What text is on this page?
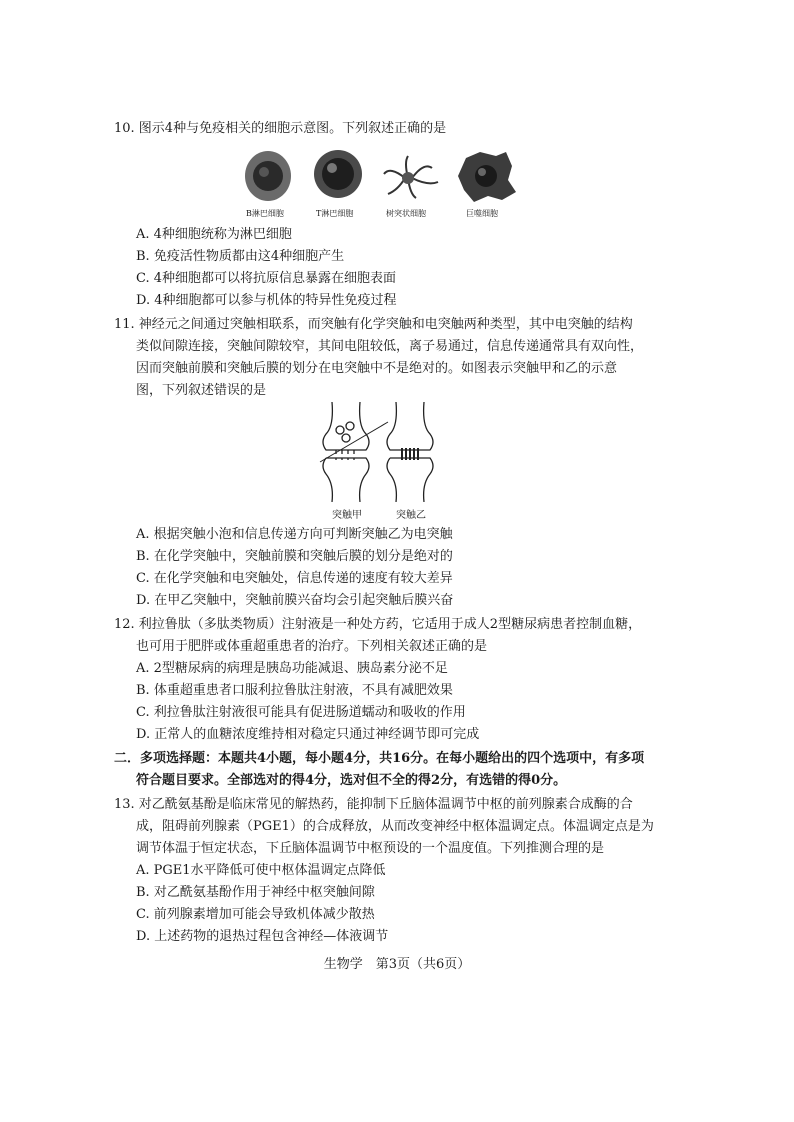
10. 图示4种与免疫相关的细胞示意图。下列叙述正确的是
B淋巴细胞	T淋巴细胞	树突状细胞	巨噬细胞
A. 4种细胞统称为淋巴细胞
B. 免疫活性物质都由这4种细胞产生
C. 4种细胞都可以将抗原信息暴露在细胞表面
D. 4种细胞都可以参与机体的特异性免疫过程
11. 神经元之间通过突触相联系，而突触有化学突触和电突触两种类型，其中电突触的结构
类似间隙连接，突触间隙较窄，其间电阻较低，离子易通过，信息传递通常具有双向性，
因而突触前膜和突触后膜的划分在电突触中不是绝对的。如图表示突触甲和乙的示意
图，下列叙述错误的是
突触甲	突触乙
A. 根据突触小泡和信息传递方向可判断突触乙为电突触
B. 在化学突触中，突触前膜和突触后膜的划分是绝对的
C. 在化学突触和电突触处，信息传递的速度有较大差异
D. 在甲乙突触中，突触前膜兴奋均会引起突触后膜兴奋
12. 利拉鲁肽（多肽类物质）注射液是一种处方药，它适用于成人2型糖尿病患者控制血糖，
也可用于肥胖或体重超重患者的治疗。下列相关叙述正确的是
A. 2型糖尿病的病理是胰岛功能减退、胰岛素分泌不足
B. 体重超重患者口服利拉鲁肽注射液，不具有减肥效果
C. 利拉鲁肽注射液很可能具有促进肠道蠕动和吸收的作用
D. 正常人的血糖浓度维持相对稳定只通过神经调节即可完成
二．多项选择题：本题共4小题，每小题4分，共16分。在每小题给出的四个选项中，有多项
符合题目要求。全部选对的得4分，选对但不全的得2分，有选错的得0分。
13. 对乙酰氨基酚是临床常见的解热药，能抑制下丘脑体温调节中枢的前列腺素合成酶的合
成，阻碍前列腺素（PGE1）的合成释放，从而改变神经中枢体温调定点。体温调定点是为
调节体温于恒定状态，下丘脑体温调节中枢预设的一个温度值。下列推测合理的是
A. PGE1水平降低可使中枢体温调定点降低
B. 对乙酰氨基酚作用于神经中枢突触间隙
C. 前列腺素增加可能会导致机体减少散热
D. 上述药物的退热过程包含神经—体液调节
生物学　第3页（共6页）
